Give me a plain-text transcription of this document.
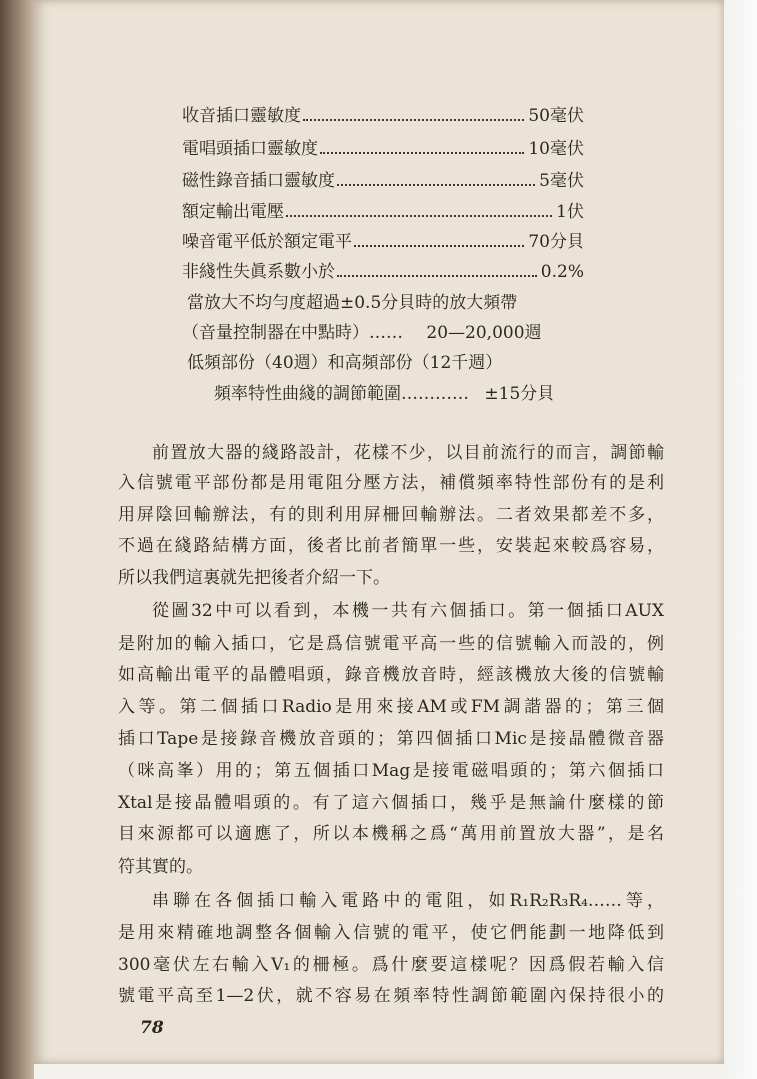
收音插口靈敏度	50毫伏
電唱頭插口靈敏度	10毫伏
磁性錄音插口靈敏度	5毫伏
額定輸出電壓	1伏
噪音電平低於額定電平	70分貝
非綫性失眞系數小於	0.2%
當放大不均勻度超過±0.5分貝時的放大頻帶
（音量控制器在中點時）…… 20—20,000週
低頻部份（40週）和高頻部份（12千週）
頻率特性曲綫的調節範圍………… ±15分貝
前置放大器的綫路設計，花樣不少，以目前流行的而言，調節輸
入信號電平部份都是用電阻分壓方法，補償頻率特性部份有的是利
用屏陰回輸辦法，有的則利用屏柵回輸辦法。二者效果都差不多，
不過在綫路結構方面，後者比前者簡單一些，安裝起來較爲容易，
所以我們這裏就先把後者介紹一下。
從圖32中可以看到，本機一共有六個插口。第一個插口AUX
是附加的輸入插口，它是爲信號電平高一些的信號輸入而設的，例
如高輸出電平的晶體唱頭，錄音機放音時，經該機放大後的信號輸
入等。第二個插口Radio是用來接AM或FM調諧器的；第三個
插口Tape是接錄音機放音頭的；第四個插口Mic是接晶體微音器
（咪高峯）用的；第五個插口Mag是接電磁唱頭的；第六個插口
Xtal是接晶體唱頭的。有了這六個插口，幾乎是無論什麼樣的節
目來源都可以適應了，所以本機稱之爲“萬用前置放大器”，是名
符其實的。
串聯在各個插口輸入電路中的電阻，如R₁R₂R₃R₄……等，
是用來精確地調整各個輸入信號的電平，使它們能劃一地降低到
300毫伏左右輸入V₁的柵極。爲什麼要這樣呢？因爲假若輸入信
號電平高至1—2伏，就不容易在頻率特性調節範圍內保持很小的
78
